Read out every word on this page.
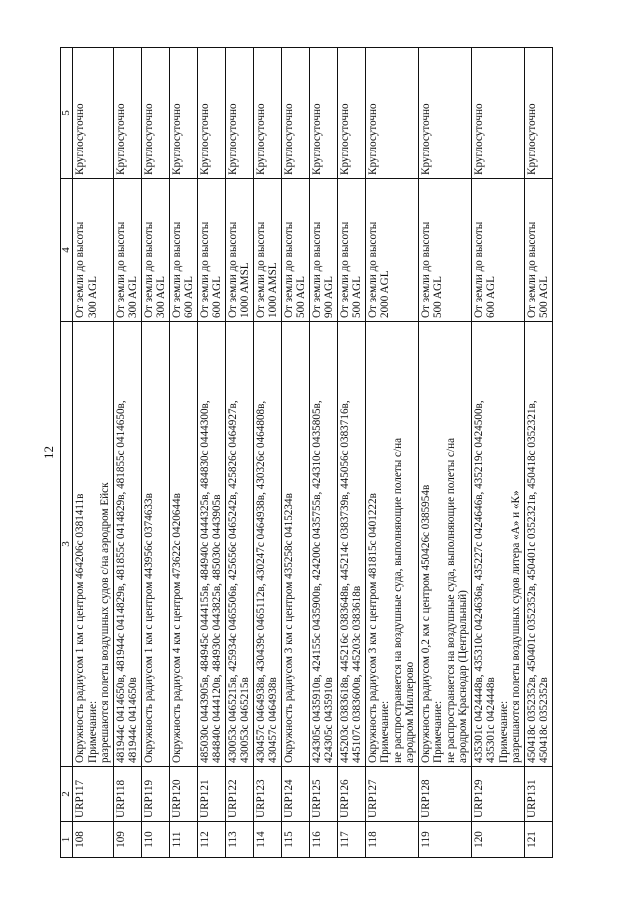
12
1	2	3	4	5
108	URP117	Окружность радиусом 1 км с центром 464206с 0381411в Примечание: разрешаются полеты воздушных судов с/на аэродром Ейск	От земли до высоты 300 AGL	Круглосуточно
109	URP118	481944с 0414650в, 481944с 0414829в, 481855с 0414829в, 481855с 0414650в, 481944с 0414650в	От земли до высоты 300 AGL	Круглосуточно
110	URP119	Окружность радиусом 1 км с центром 443956с 0374633в	От земли до высоты 300 AGL	Круглосуточно
111	URP120	Окружность радиусом 4 км с центром 473622с 0420644в	От земли до высоты 600 AGL	Круглосуточно
112	URP121	485030с 0443905в, 484945с 0444155в, 484940с 0444325в, 484830с 0444300в, 484840с 0444120в, 484930с 0443825в, 485030с 0443905в	От земли до высоты 600 AGL	Круглосуточно
113	URP122	430053с 0465215в, 425934с 0465506в, 425656с 0465242в, 425826с 0464927в, 430053с 0465215в	От земли до высоты 1000 AMSL	Круглосуточно
114	URP123	430457с 0464938в, 430439с 0465112в, 430247с 0464938в, 430326с 0464808в, 430457с 0464938в	От земли до высоты 1000 AMSL	Круглосуточно
115	URP124	Окружность радиусом 3 км с центром 435258с 0415234в	От земли до высоты 500 AGL	Круглосуточно
116	URP125	424305с 0435910в, 424155с 0435900в, 424200с 0435755в, 424310с 0435805в, 424305с 0435910в	От земли до высоты 900 AGL	Круглосуточно
117	URP126	445203с 0383618в, 445216с 0383648в, 445214с 0383739в, 445056с 0383716в, 445107с 0383600в, 445203с 0383618в	От земли до высоты 500 AGL	Круглосуточно
118	URP127	Окружность радиусом 3 км с центром 481815с 0401222в Примечание: не распространяется на воздушные суда, выполняющие полеты с/на аэродром Миллерово	От земли до высоты 2000 AGL	Круглосуточно
119	URP128	Окружность радиусом 0,2 км с центром 450426с 0385954в Примечание: не распространяется на воздушные суда, выполняющие полеты с/на аэродром Краснодар (Центральный)	От земли до высоты 500 AGL	Круглосуточно
120	URP129	435301с 0424448в, 435310с 0424636в, 435227с 0424646в, 435219с 0424500в, 435301с 0424448в Примечание: разрешаются полеты воздушных судов литера «А» и «К»	От земли до высоты 600 AGL	Круглосуточно
121	URP131	450418с 0352352в, 450401с 0352352в, 450401с 0352321в, 450418с 0352321в, 450418с 0352352в	От земли до высоты 500 AGL	Круглосуточно
